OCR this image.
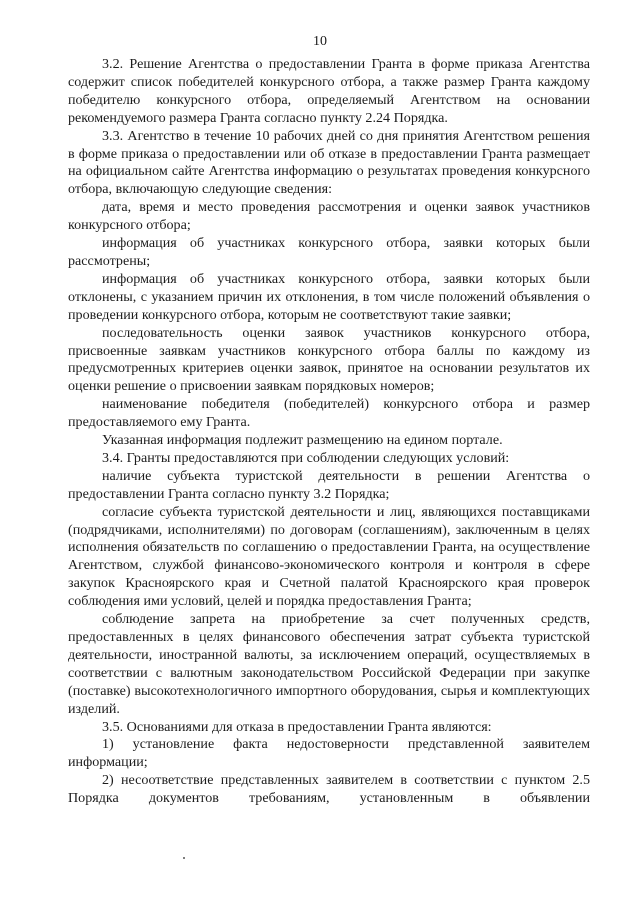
10

3.2. Решение Агентства о предоставлении Гранта в форме приказа Агентства содержит список победителей конкурсного отбора, а также размер Гранта каждому победителю конкурсного отбора, определяемый Агентством на основании рекомендуемого размера Гранта согласно пункту 2.24 Порядка.

3.3. Агентство в течение 10 рабочих дней со дня принятия Агентством решения в форме приказа о предоставлении или об отказе в предоставлении Гранта размещает на официальном сайте Агентства информацию о результатах проведения конкурсного отбора, включающую следующие сведения:

дата, время и место проведения рассмотрения и оценки заявок участников конкурсного отбора;

информация об участниках конкурсного отбора, заявки которых были рассмотрены;

информация об участниках конкурсного отбора, заявки которых были отклонены, с указанием причин их отклонения, в том числе положений объявления о проведении конкурсного отбора, которым не соответствуют такие заявки;

последовательность оценки заявок участников конкурсного отбора, присвоенные заявкам участников конкурсного отбора баллы по каждому из предусмотренных критериев оценки заявок, принятое на основании результатов их оценки решение о присвоении заявкам порядковых номеров;

наименование победителя (победителей) конкурсного отбора и размер предоставляемого ему Гранта.

Указанная информация подлежит размещению на едином портале.

3.4. Гранты предоставляются при соблюдении следующих условий:

наличие субъекта туристской деятельности в решении Агентства о предоставлении Гранта согласно пункту 3.2 Порядка;

согласие субъекта туристской деятельности и лиц, являющихся поставщиками (подрядчиками, исполнителями) по договорам (соглашениям), заключенным в целях исполнения обязательств по соглашению о предоставлении Гранта, на осуществление Агентством, службой финансово-экономического контроля и контроля в сфере закупок Красноярского края и Счетной палатой Красноярского края проверок соблюдения ими условий, целей и порядка предоставления Гранта;

соблюдение запрета на приобретение за счет полученных средств, предоставленных в целях финансового обеспечения затрат субъекта туристской деятельности, иностранной валюты, за исключением операций, осуществляемых в соответствии с валютным законодательством Российской Федерации при закупке (поставке) высокотехнологичного импортного оборудования, сырья и комплектующих изделий.

3.5. Основаниями для отказа в предоставлении Гранта являются:

1) установление факта недостоверности представленной заявителем информации;

2) несоответствие представленных заявителем в соответствии с пунктом 2.5 Порядка документов требованиям, установленным в объявлении
